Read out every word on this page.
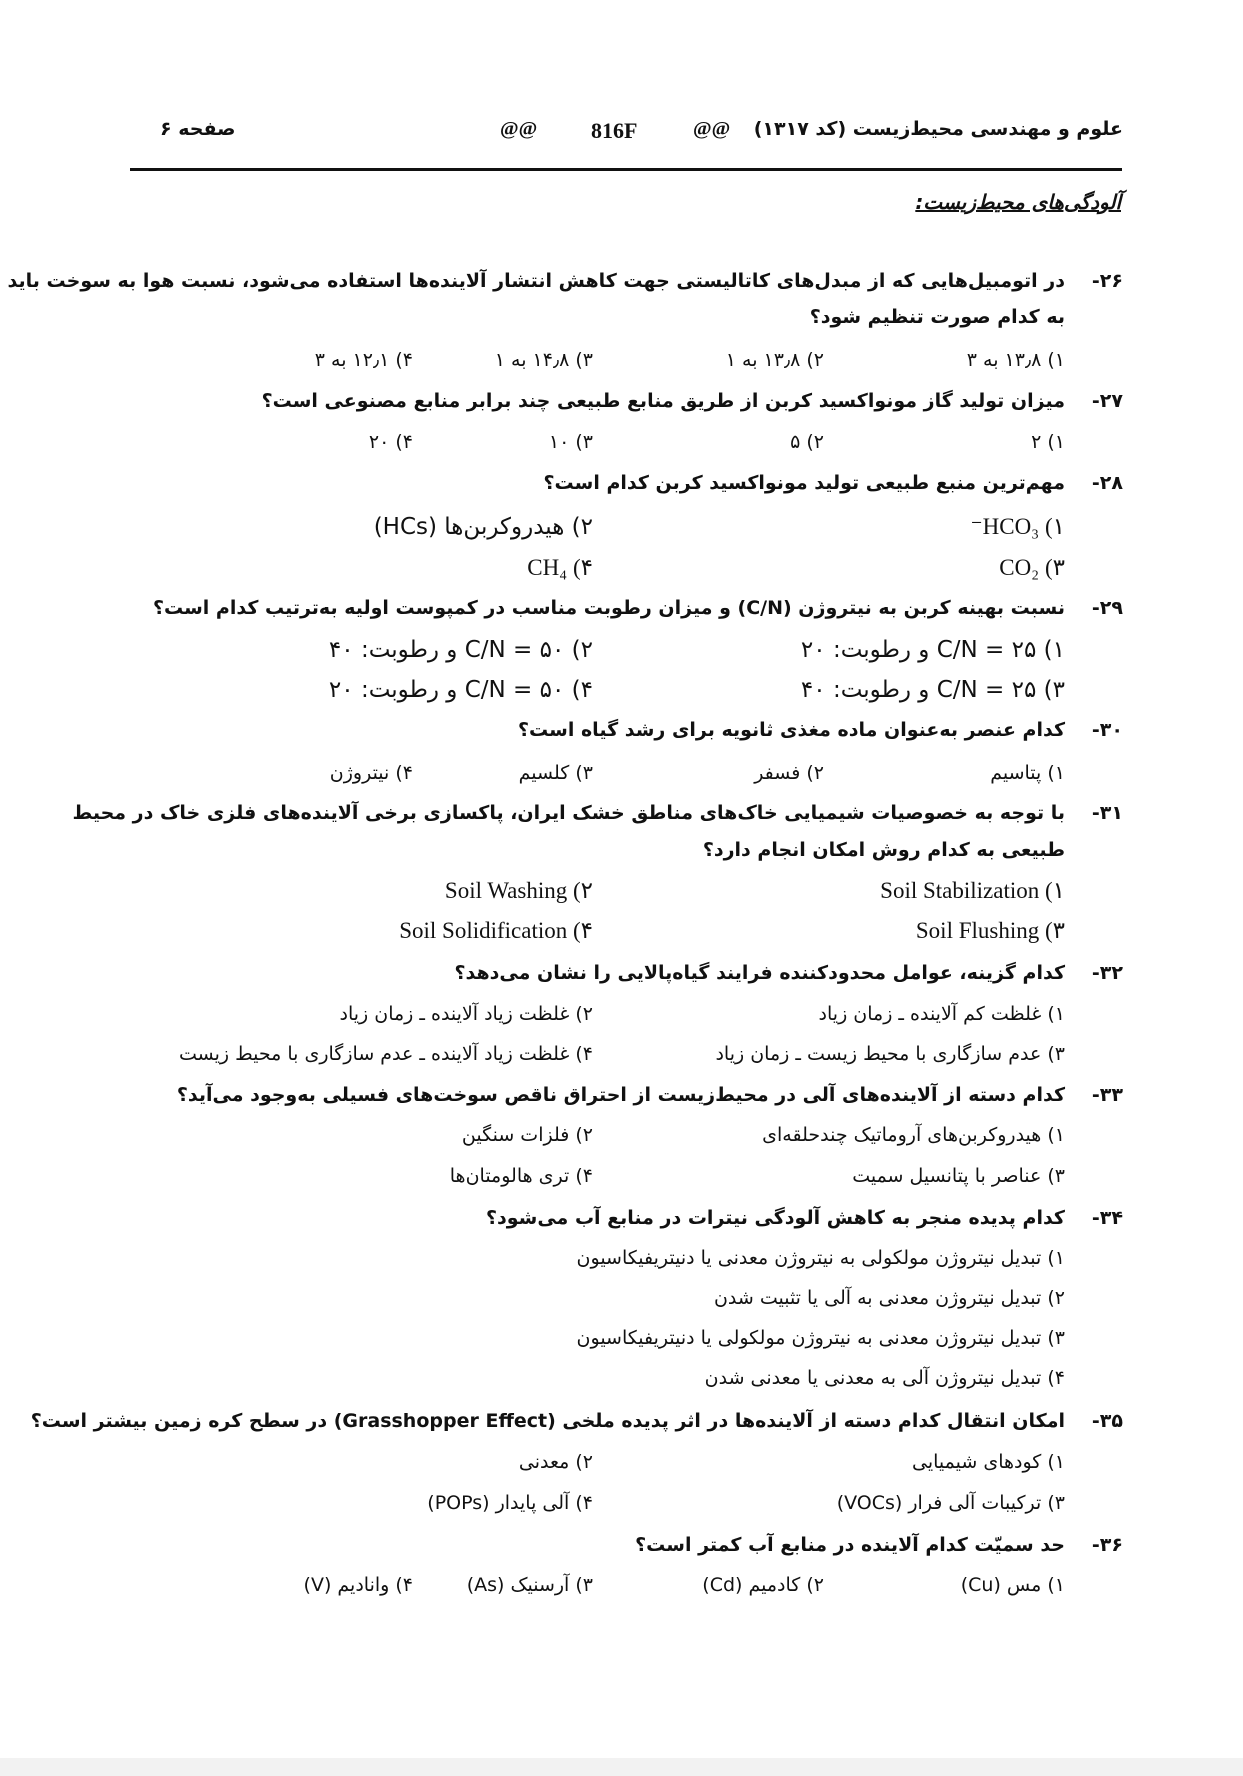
علوم و مهندسی محیط‌زیست (کد ۱۳۱۷)
@@
816F
@@
صفحه ۶
آلودگی‌های محیط‌زیست:
۲۶-
در اتومبیل‌هایی که از مبدل‌های کاتالیستی جهت کاهش انتشار آلاینده‌ها استفاده می‌شود، نسبت هوا به سوخت باید
به کدام صورت تنظیم شود؟
۱) ۱۳٫۸ به ۳
۲) ۱۳٫۸ به ۱
۳) ۱۴٫۸ به ۱
۴) ۱۲٫۱ به ۳
۲۷-
میزان تولید گاز مونواکسید کربن از طریق منابع طبیعی چند برابر منابع مصنوعی است؟
۱) ۲
۲) ۵
۳) ۱۰
۴) ۲۰
۲۸-
مهم‌ترین منبع طبیعی تولید مونواکسید کربن کدام است؟
۱) HCO₃⁻
۲) هیدروکربن‌ها (HCs)
۳) CO₂
۴) CH₄
۲۹-
نسبت بهینه کربن به نیتروژن (C/N) و میزان رطوبت مناسب در کمپوست اولیه به‌ترتیب کدام است؟
۱) C/N = ۲۵ و رطوبت: ۲۰
۲) C/N = ۵۰ و رطوبت: ۴۰
۳) C/N = ۲۵ و رطوبت: ۴۰
۴) C/N = ۵۰ و رطوبت: ۲۰
۳۰-
کدام عنصر به‌عنوان ماده مغذی ثانویه برای رشد گیاه است؟
۱) پتاسیم
۲) فسفر
۳) کلسیم
۴) نیتروژن
۳۱-
با توجه به خصوصیات شیمیایی خاک‌های مناطق خشک ایران، پاکسازی برخی آلاینده‌های فلزی خاک در محیط
طبیعی به کدام روش امکان انجام دارد؟
Soil Stabilization (۱
Soil Washing (۲
Soil Flushing (۳
Soil Solidification (۴
۳۲-
کدام گزینه، عوامل محدودکننده فرایند گیاه‌پالایی را نشان می‌دهد؟
۱) غلظت کم آلاینده ـ زمان زیاد
۲) غلظت زیاد آلاینده ـ زمان زیاد
۳) عدم سازگاری با محیط زیست ـ زمان زیاد
۴) غلظت زیاد آلاینده ـ عدم سازگاری با محیط زیست
۳۳-
کدام دسته از آلاینده‌های آلی در محیط‌زیست از احتراق ناقص سوخت‌های فسیلی به‌وجود می‌آید؟
۱) هیدروکربن‌های آروماتیک چندحلقه‌ای
۲) فلزات سنگین
۳) عناصر با پتانسیل سمیت
۴) تری هالومتان‌ها
۳۴-
کدام پدیده منجر به کاهش آلودگی نیترات در منابع آب می‌شود؟
۱) تبدیل نیتروژن مولکولی به نیتروژن معدنی یا دنیتریفیکاسیون
۲) تبدیل نیتروژن معدنی به آلی یا تثبیت شدن
۳) تبدیل نیتروژن معدنی به نیتروژن مولکولی یا دنیتریفیکاسیون
۴) تبدیل نیتروژن آلی به معدنی یا معدنی شدن
۳۵-
امکان انتقال کدام دسته از آلاینده‌ها در اثر پدیده ملخی (Grasshopper Effect) در سطح کره زمین بیشتر است؟
۱) کودهای شیمیایی
۲) معدنی
۳) ترکیبات آلی فرار (VOCs)
۴) آلی پایدار (POPs)
۳۶-
حد سمیّت کدام آلاینده در منابع آب کمتر است؟
۱) مس (Cu)
۲) کادمیم (Cd)
۳) آرسنیک (As)
۴) وانادیم (V)
